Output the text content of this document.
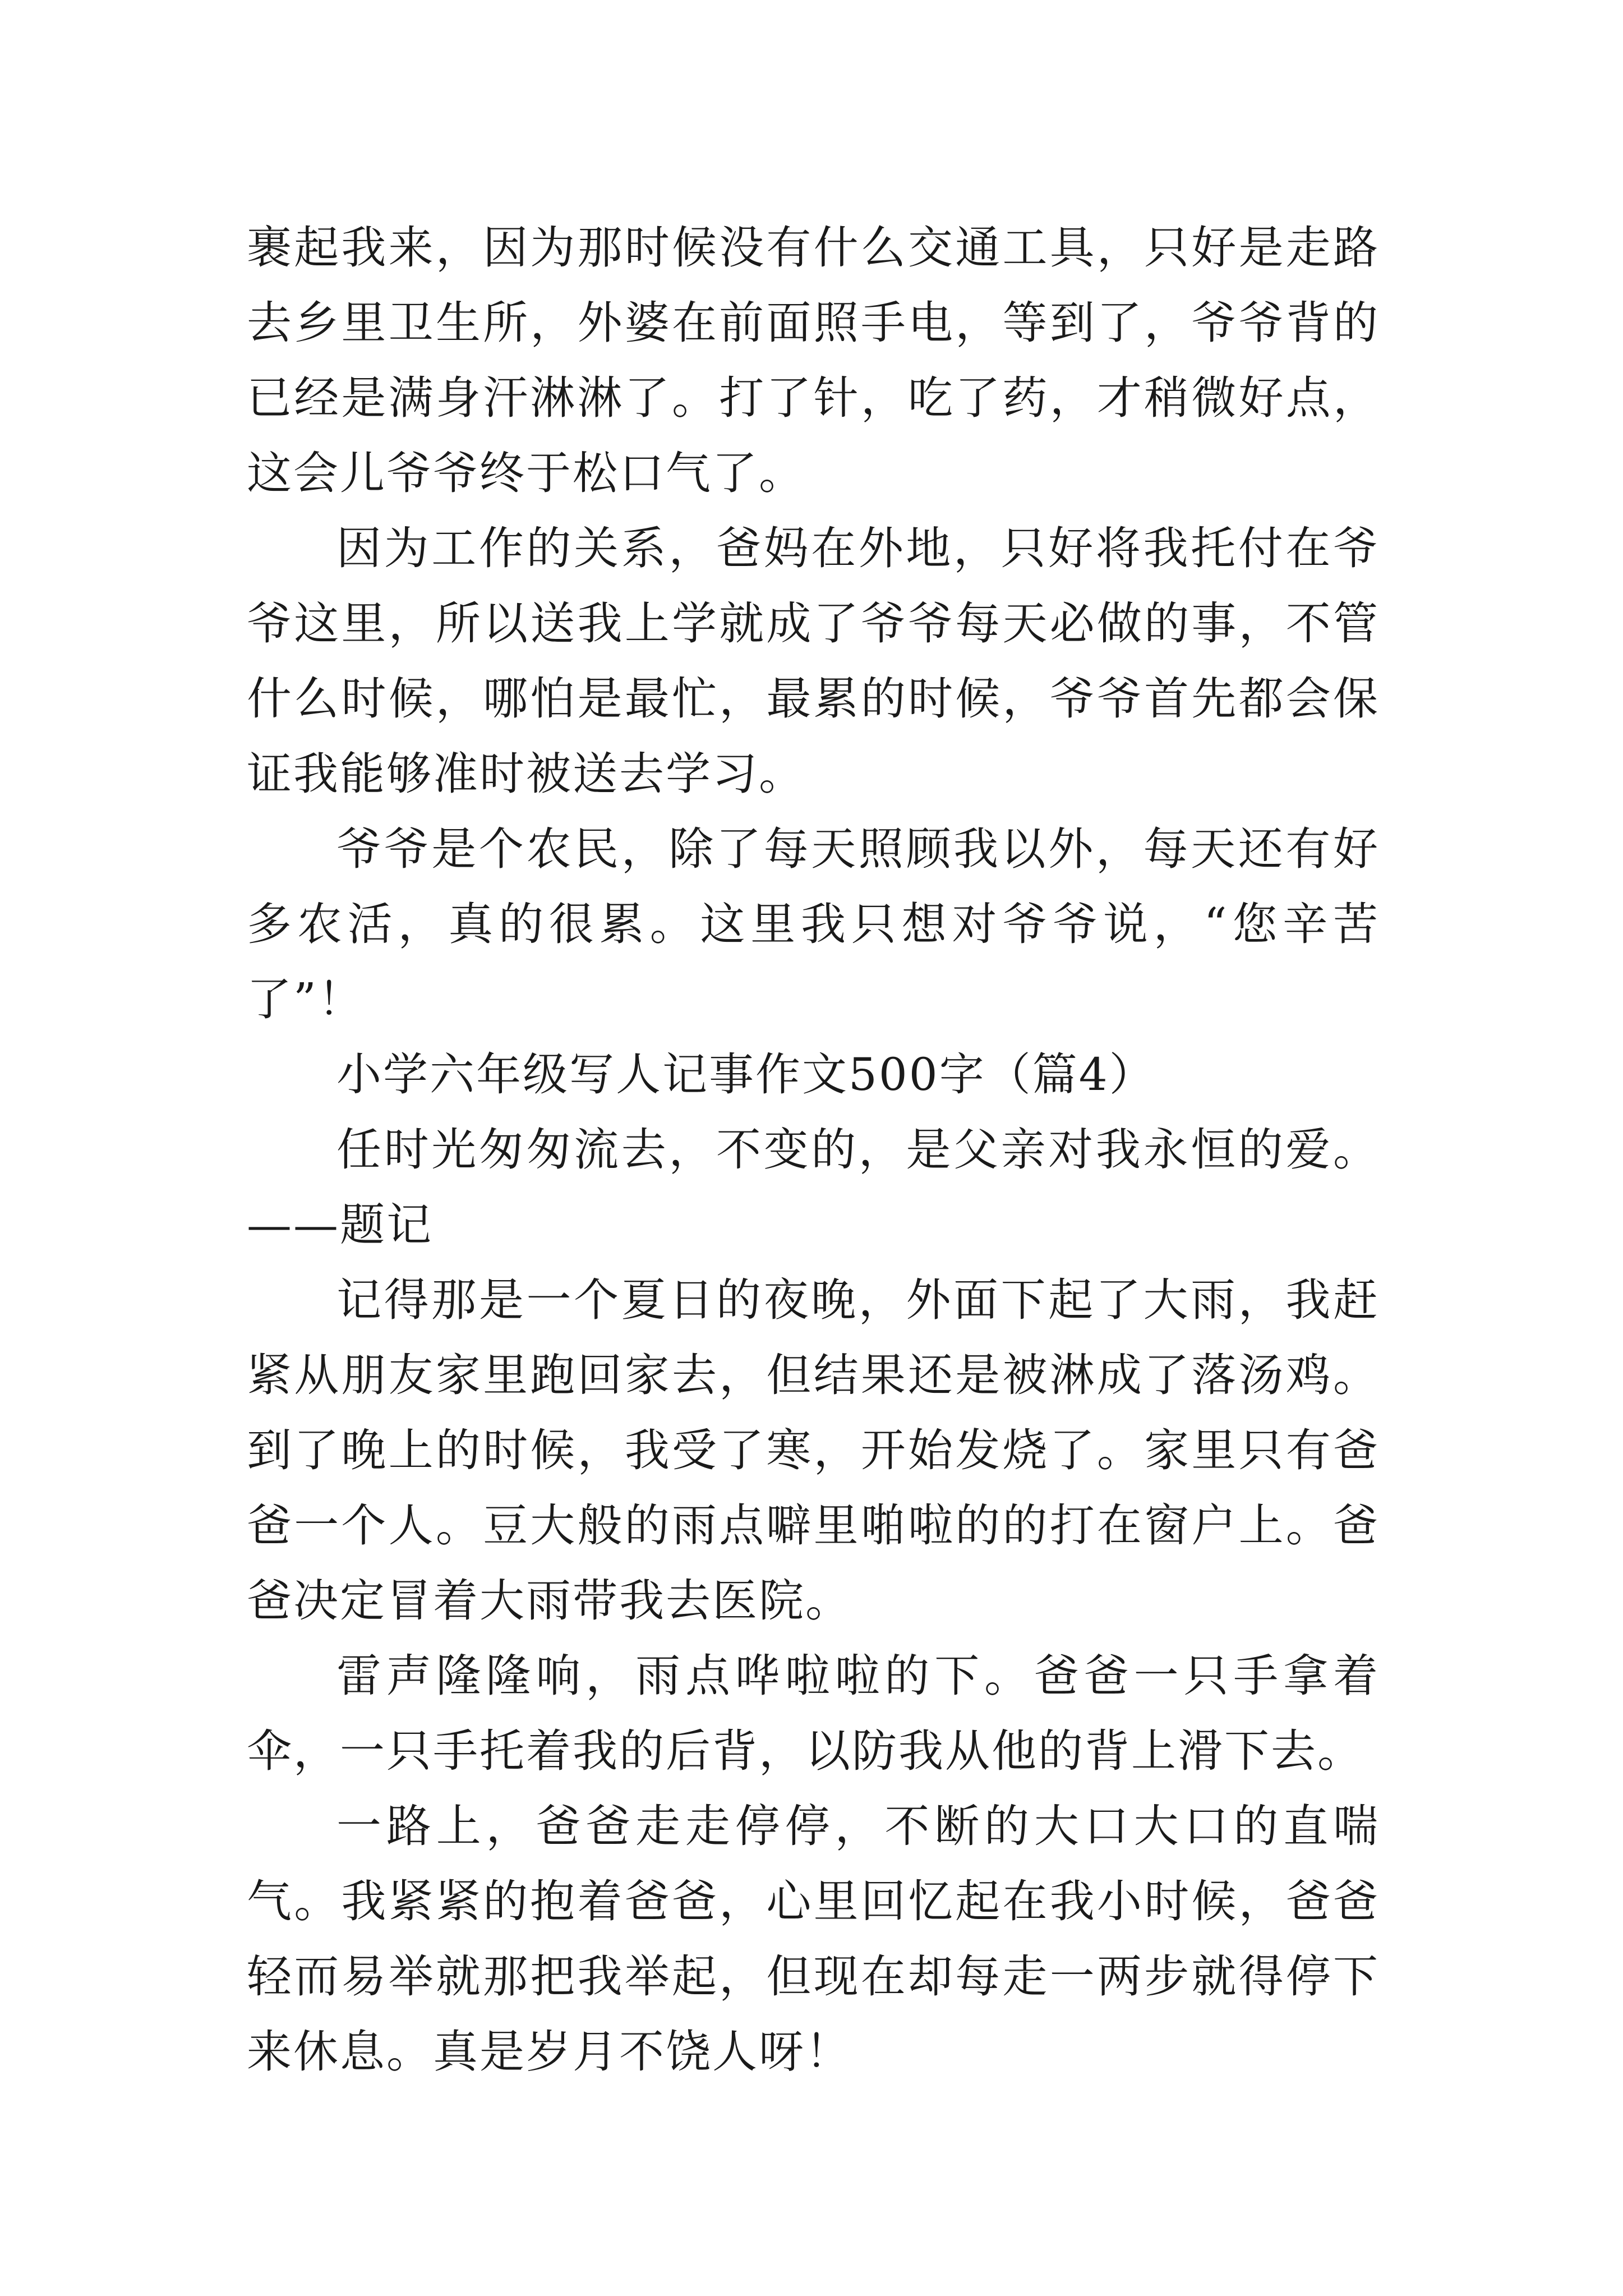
裹起我来，因为那时候没有什么交通工具，只好是走路去乡里卫生所，外婆在前面照手电，等到了，爷爷背的已经是满身汗淋淋了。打了针，吃了药，才稍微好点，这会儿爷爷终于松口气了。

因为工作的关系，爸妈在外地，只好将我托付在爷爷这里，所以送我上学就成了爷爷每天必做的事，不管什么时候，哪怕是最忙，最累的时候，爷爷首先都会保证我能够准时被送去学习。

爷爷是个农民，除了每天照顾我以外，每天还有好多农活，真的很累。这里我只想对爷爷说，“您辛苦了”！

小学六年级写人记事作文500字（篇4）

任时光匆匆流去，不变的，是父亲对我永恒的爱。——题记

记得那是一个夏日的夜晚，外面下起了大雨，我赶紧从朋友家里跑回家去，但结果还是被淋成了落汤鸡。到了晚上的时候，我受了寒，开始发烧了。家里只有爸爸一个人。豆大般的雨点噼里啪啦的的打在窗户上。爸爸决定冒着大雨带我去医院。

雷声隆隆响，雨点哗啦啦的下。爸爸一只手拿着伞，一只手托着我的后背，以防我从他的背上滑下去。

一路上，爸爸走走停停，不断的大口大口的直喘气。我紧紧的抱着爸爸，心里回忆起在我小时候，爸爸轻而易举就那把我举起，但现在却每走一两步就得停下来休息。真是岁月不饶人呀！
